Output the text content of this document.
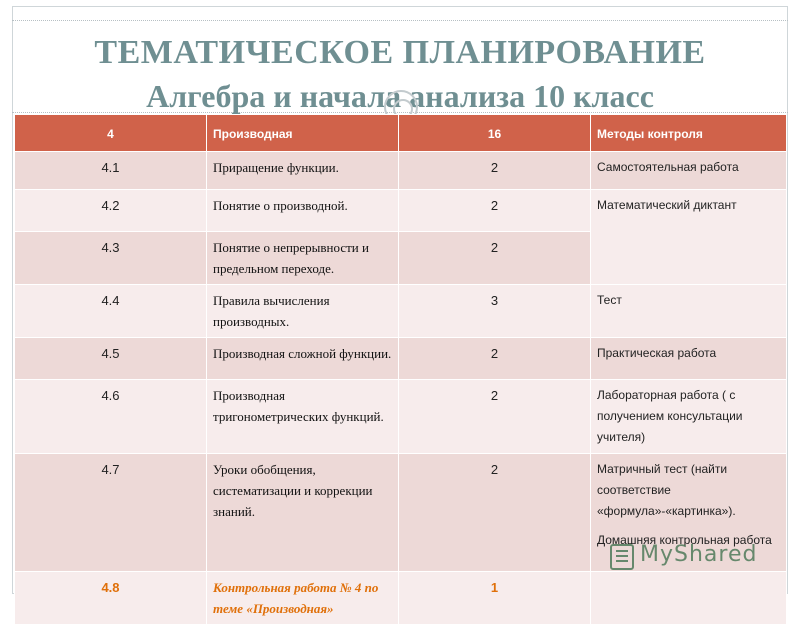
ТЕМАТИЧЕСКОЕ ПЛАНИРОВАНИЕ
Алгебра и начала анализа 10 класс
4	Производная	16	Методы контроля
4.1	Приращение функции.	2	Самостоятельная работа
4.2	Понятие о производной.	2	Математический диктант
4.3	Понятие о непрерывности и предельном переходе.	2	
4.4	Правила вычисления производных.	3	Тест
4.5	Производная сложной функции.	2	Практическая работа
4.6	Производная тригонометрических функций.	2	Лабораторная работа ( с получением консультации учителя)
4.7	Уроки обобщения, систематизации и коррекции знаний.	2	Матричный тест (найти соответствие «формула»-«картинка»).
Домашняя контрольная работа

4.8	Контрольная работа № 4 по теме «Производная»	1	
MyShared
